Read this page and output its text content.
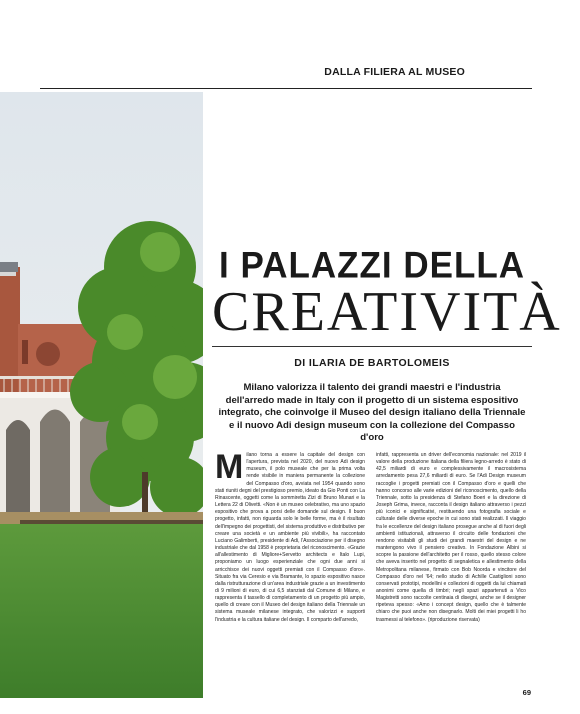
DALLA FILIERA AL MUSEO
I PALAZZI DELLA
CREATIVITÀ
DI ILARIA DE BARTOLOMEIS
Milano valorizza il talento dei grandi maestri e l'industria dell'arredo made in Italy con il progetto di un sistema espositivo integrato, che coinvolge il Museo del design italiano della Triennale e il nuovo Adi design museum con la collezione del Compasso d'oro
M ilano torna a essere la capitale del design con l'apertura, prevista nel 2020, del nuovo Adi design museum, il polo museale che per la prima volta rende visibile in maniera permanente la collezione del Compasso d'oro, avviata nel 1954 quando sono stati riuniti degni del prestigioso premio, ideato da Gio Ponti con La Rinascente, oggetti come la sommiretta Zizi di Bruno Munari e la Lettera 22 di Olivetti. «Non è un museo celebrativo, ma uno spazio espositivo che prova a porsi delle domande sul design. Il buon progetto, infatti, non riguarda solo le belle forme, ma è il risultato dell'impegno dei progettisti, del sistema produttivo e distributivo per creare una società e un ambiente più vivibili», ha raccontato Luciano Galimberti, presidente di Adi, l'Associazione per il disegno industriale che dal 1958 è proprietaria del riconoscimento. «Grazie all'allestimento di Migliore+Servetto architects e Italo Lupi, proponiamo un luogo esperienziale che ogni due anni si arricchisce dei nuovi oggetti premiati con il Compasso d'oro». Situato fra via Ceresio e via Bramante, lo spazio espositivo nasce dalla ristrutturazione di un'area industriale grazie a un investimento di 9 milioni di euro, di cui 6,5 stanziati dal Comune di Milano, e rappresenta il tassello di completamento di un progetto più ampio, quello di creare con il Museo del design italiano della Triennale un sistema museale milanese integrato, che valorizzi e supporti l'industria e la cultura italiane del design. Il comparto dell'arredo,
infatti, rappresenta un driver dell'economia nazionale: nel 2019 il valore della produzione italiana della filiera legno-arredo è stato di 42,5 miliardi di euro e complessivamente il macrosistema arredamento pesa 27,6 miliardi di euro. Se l'Adi Design museum raccoglie i progetti premiati con il Compasso d'oro e quelli che hanno concorso alle varie edizioni del riconoscimento, quello della Triennale, sotto la presidenza di Stefano Boeri e la direzione di Joseph Grima, invece, racconta il design italiano attraverso i pezzi più iconici e significativi, restituendo una fotografia sociale e culturale delle diverse epoche in cui sono stati realizzati. Il viaggio fra le eccellenze del design italiano prosegue anche al di fuori degli ambienti istituzionali, attraverso il circuito delle fondazioni che rendono visitabili gli studi dei grandi maestri del design e ne mantengono vivo il pensiero creativo. In Fondazione Albini si scopre la passione dell'architetto per il rosso, quello stesso colore che aveva inserito nel progetto di segnaletica e allestimento della Metropolitana milanese, firmato con Bob Noorda e vincitore del Compasso d'oro nel '64; nello studio di Achille Castiglioni sono conservati prototipi, modellini e collezioni di oggetti da lui chiamati anonimi come quella di timbri; negli spazi appartenuti a Vico Magistretti sono raccolte centinaia di disegni, anche se il designer ripeteva spesso: «Amo i concept design, quello che è talmente chiaro che puoi anche non disegnarlo. Molti dei miei progetti li ho trasmessi al telefono». (riproduzione riservata)
69
